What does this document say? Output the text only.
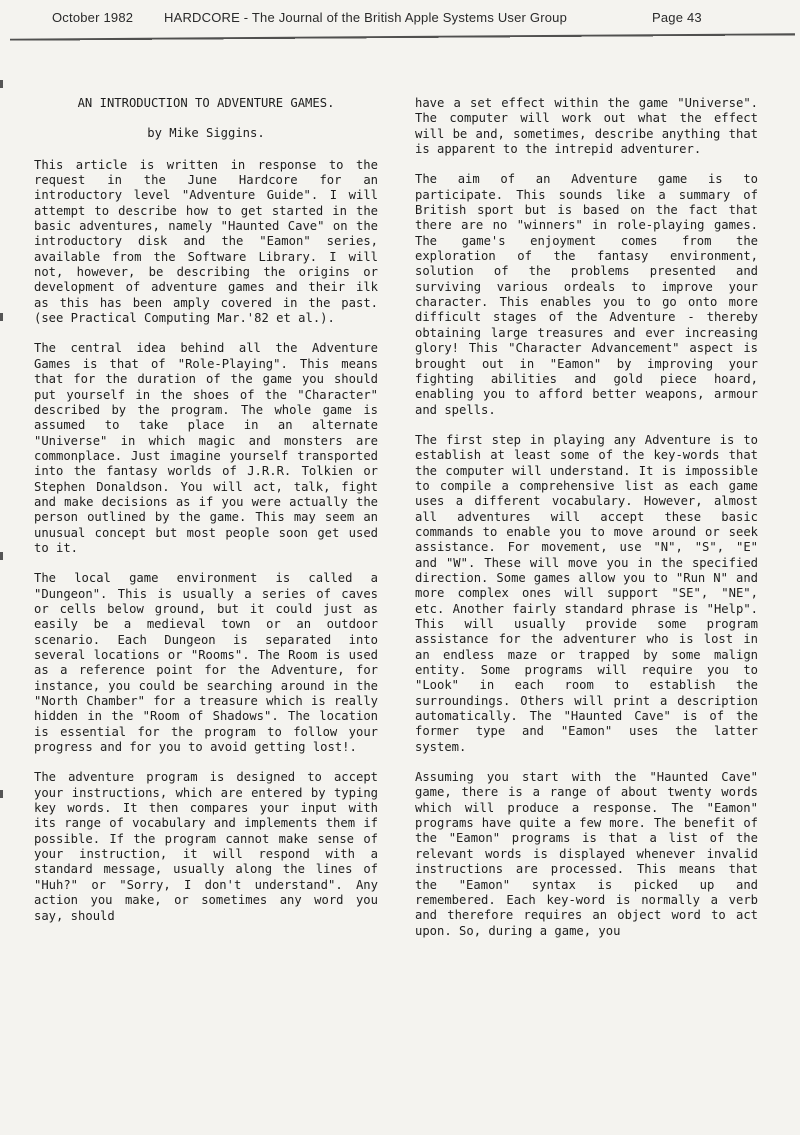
October 1982	HARDCORE - The Journal of the British Apple Systems User Group	Page 43
AN INTRODUCTION TO ADVENTURE GAMES.
by Mike Siggins.

This article is written in response to the request in the June Hardcore for an introductory level "Adventure Guide". I will attempt to describe how to get started in the basic adventures, namely "Haunted Cave" on the introductory disk and the "Eamon" series, available from the Software Library. I will not, however, be describing the origins or development of adventure games and their ilk as this has been amply covered in the past. (see Practical Computing Mar.'82 et al.).

The central idea behind all the Adventure Games is that of "Role-Playing". This means that for the duration of the game you should put yourself in the shoes of the "Character" described by the program. The whole game is assumed to take place in an alternate "Universe" in which magic and monsters are commonplace. Just imagine yourself transported into the fantasy worlds of J.R.R. Tolkien or Stephen Donaldson. You will act, talk, fight and make decisions as if you were actually the person outlined by the game. This may seem an unusual concept but most people soon get used to it.

The local game environment is called a "Dungeon". This is usually a series of caves or cells below ground, but it could just as easily be a medieval town or an outdoor scenario. Each Dungeon is separated into several locations or "Rooms". The Room is used as a reference point for the Adventure, for instance, you could be searching around in the "North Chamber" for a treasure which is really hidden in the "Room of Shadows". The location is essential for the program to follow your progress and for you to avoid getting lost!.

The adventure program is designed to accept your instructions, which are entered by typing key words. It then compares your input with its range of vocabulary and implements them if possible. If the program cannot make sense of your instruction, it will respond with a standard message, usually along the lines of "Huh?" or "Sorry, I don't understand". Any action you make, or sometimes any word you say, should

have a set effect within the game "Universe". The computer will work out what the effect will be and, sometimes, describe anything that is apparent to the intrepid adventurer.

The aim of an Adventure game is to participate. This sounds like a summary of British sport but is based on the fact that there are no "winners" in role-playing games. The game's enjoyment comes from the exploration of the fantasy environment, solution of the problems presented and surviving various ordeals to improve your character. This enables you to go onto more difficult stages of the Adventure - thereby obtaining large treasures and ever increasing glory! This "Character Advancement" aspect is brought out in "Eamon" by improving your fighting abilities and gold piece hoard, enabling you to afford better weapons, armour and spells.

The first step in playing any Adventure is to establish at least some of the key-words that the computer will understand. It is impossible to compile a comprehensive list as each game uses a different vocabulary. However, almost all adventures will accept these basic commands to enable you to move around or seek assistance. For movement, use "N", "S", "E" and "W". These will move you in the specified direction. Some games allow you to "Run N" and more complex ones will support "SE", "NE", etc. Another fairly standard phrase is "Help". This will usually provide some program assistance for the adventurer who is lost in an endless maze or trapped by some malign entity. Some programs will require you to "Look" in each room to establish the surroundings. Others will print a description automatically. The "Haunted Cave" is of the former type and "Eamon" uses the latter system.

Assuming you start with the "Haunted Cave" game, there is a range of about twenty words which will produce a response. The "Eamon" programs have quite a few more. The benefit of the "Eamon" programs is that a list of the relevant words is displayed whenever invalid instructions are processed. This means that the "Eamon" syntax is picked up and remembered. Each key-word is normally a verb and therefore requires an object word to act upon. So, during a game, you
